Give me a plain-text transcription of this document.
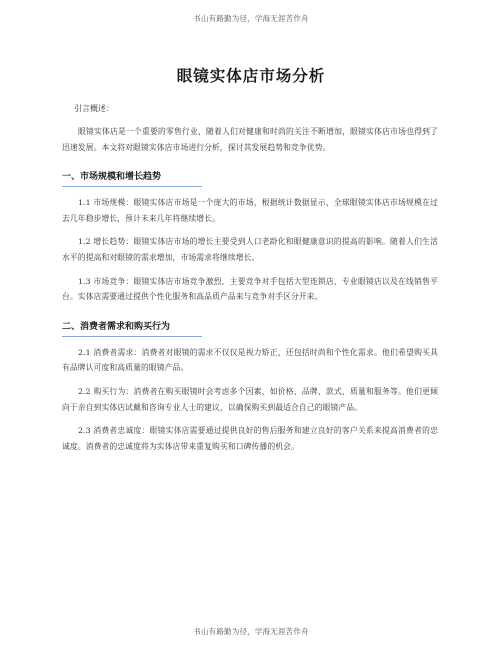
书山有路勤为径，学海无涯苦作舟
眼镜实体店市场分析
引言概述：

眼镜实体店是一个重要的零售行业，随着人们对健康和时尚的关注不断增加，眼镜实体店市场也得到了迅速发展。本文将对眼镜实体店市场进行分析，探讨其发展趋势和竞争优势。

一、市场规模和增长趋势

1.1 市场规模：眼镜实体店市场是一个庞大的市场，根据统计数据显示，全球眼镜实体店市场规模在过去几年稳步增长，预计未来几年将继续增长。

1.2 增长趋势：眼镜实体店市场的增长主要受到人口老龄化和眼健康意识的提高的影响。随着人们生活水平的提高和对眼镜的需求增加，市场需求将继续增长。

1.3 市场竞争：眼镜实体店市场竞争激烈，主要竞争对手包括大型连锁店、专业眼镜店以及在线销售平台。实体店需要通过提供个性化服务和高品质产品来与竞争对手区分开来。

二、消费者需求和购买行为

2.1 消费者需求：消费者对眼镜的需求不仅仅是视力矫正，还包括时尚和个性化需求。他们希望购买具有品牌认可度和高质量的眼镜产品。

2.2 购买行为：消费者在购买眼镜时会考虑多个因素，如价格、品牌、款式、质量和服务等。他们更倾向于亲自到实体店试戴和咨询专业人士的建议，以确保购买到最适合自己的眼镜产品。

2.3 消费者忠诚度：眼镜实体店需要通过提供良好的售后服务和建立良好的客户关系来提高消费者的忠诚度。消费者的忠诚度将为实体店带来重复购买和口碑传播的机会。

书山有路勤为径，学海无涯苦作舟
